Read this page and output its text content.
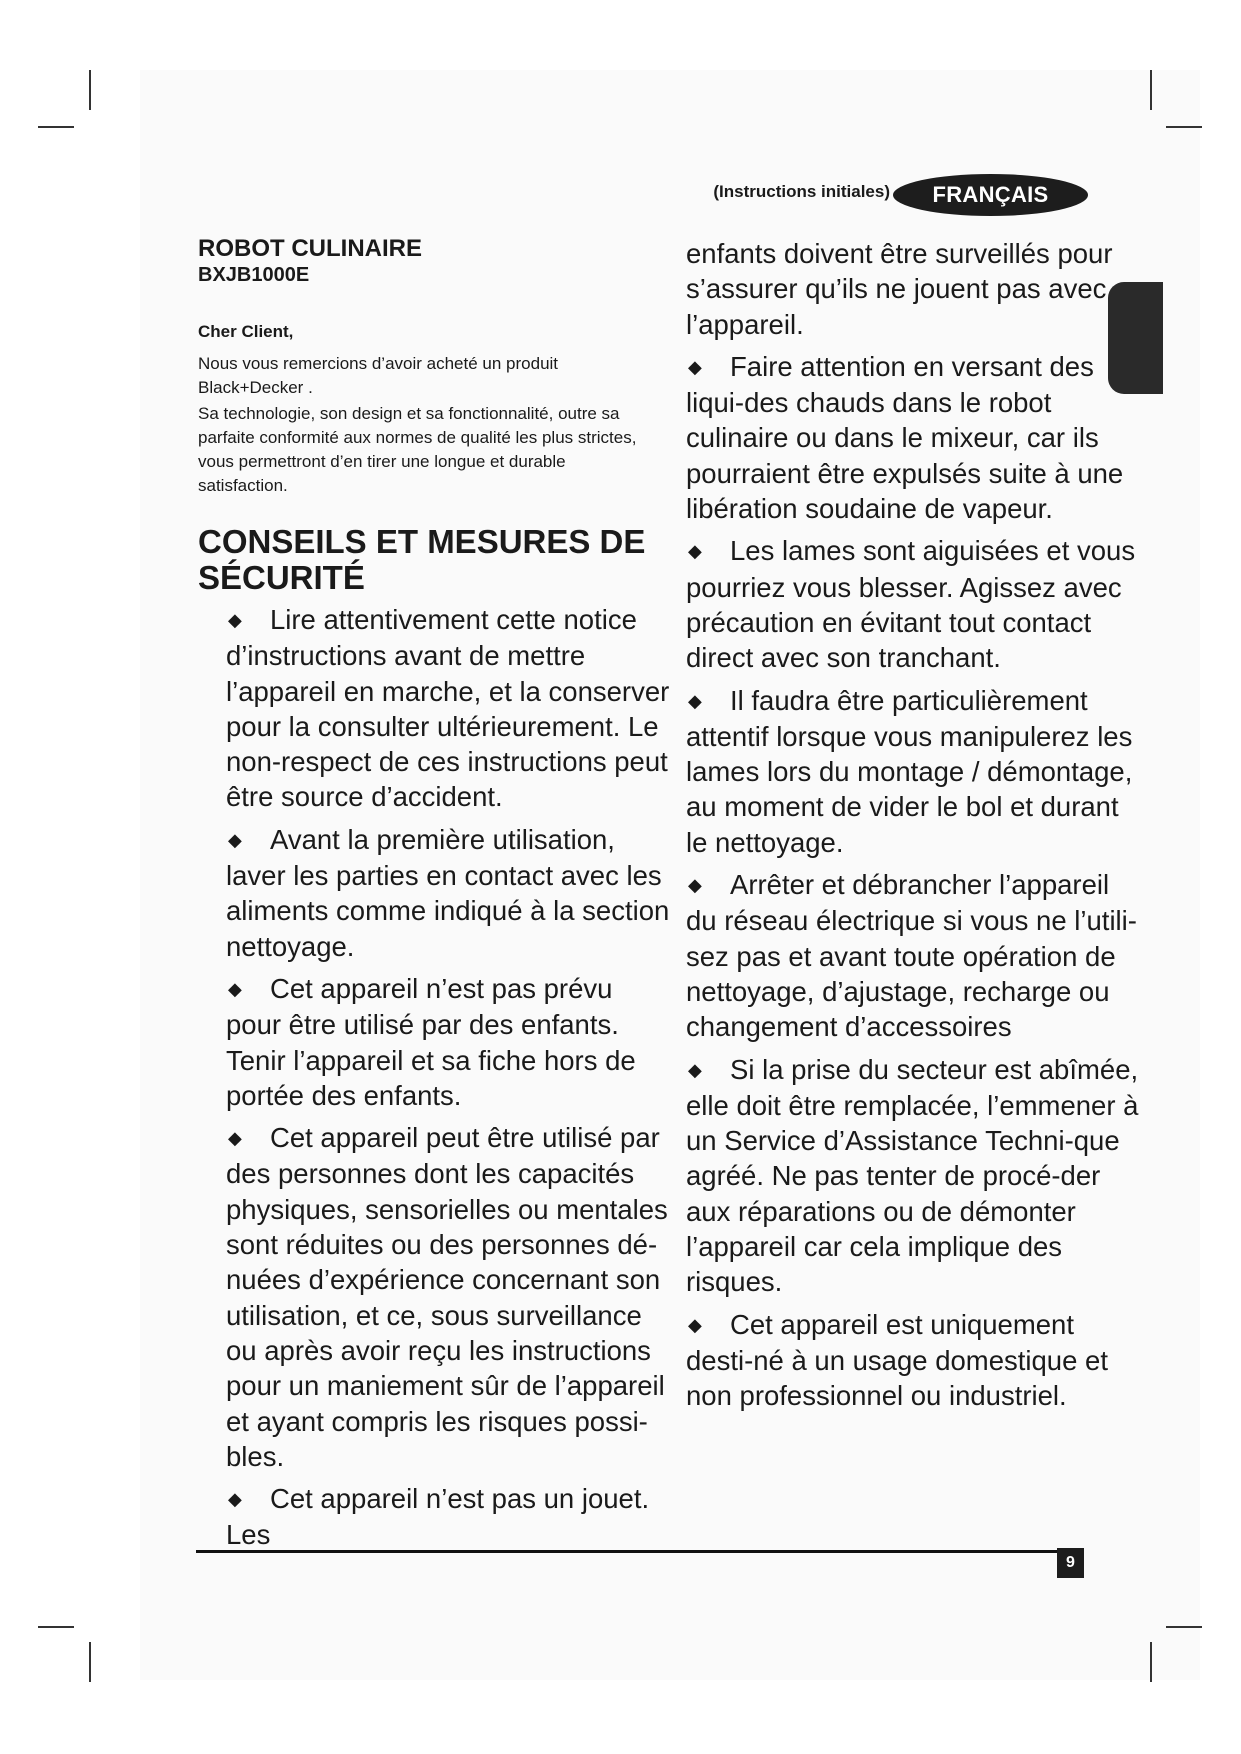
(Instructions initiales)	FRANÇAIS
ROBOT CULINAIRE
BXJB1000E
Cher Client,

Nous vous remercions d’avoir acheté un produit Black+Decker .

Sa technologie, son design et sa fonctionnalité, outre sa parfaite conformité aux normes de qualité les plus strictes, vous permettront d’en tirer une longue et durable satisfaction.

CONSEILS ET MESURES DE SÉCURITÉ

◆ Lire attentivement cette notice d’instructions avant de mettre l’appareil en marche, et la conserver pour la consulter ultérieurement. Le non-respect de ces instructions peut être source d’accident.

◆ Avant la première utilisation, laver les parties en contact avec les aliments comme indiqué à la section nettoyage.

◆ Cet appareil n’est pas prévu pour être utilisé par des enfants. Tenir l’appareil et sa fiche hors de portée des enfants.

◆ Cet appareil peut être utilisé par des personnes dont les capacités physiques, sensorielles ou mentales sont réduites ou des personnes dé-nuées d’expérience concernant son utilisation, et ce, sous surveillance ou après avoir reçu les instructions pour un maniement sûr de l’appareil et ayant compris les risques possi-bles.

◆ Cet appareil n’est pas un jouet. Les

enfants doivent être surveillés pour s’assurer qu’ils ne jouent pas avec l’appareil.

◆ Faire attention en versant des liqui-des chauds dans le robot culinaire ou dans le mixeur, car ils pourraient être expulsés suite à une libération soudaine de vapeur.

◆ Les lames sont aiguisées et vous pourriez vous blesser. Agissez avec précaution en évitant tout contact direct avec son tranchant.

◆ Il faudra être particulièrement attentif lorsque vous manipulerez les lames lors du montage / démontage, au moment de vider le bol et durant le nettoyage.

◆ Arrêter et débrancher l’appareil du réseau électrique si vous ne l’utili-sez pas et avant toute opération de nettoyage, d’ajustage, recharge ou changement d’accessoires

◆ Si la prise du secteur est abîmée, elle doit être remplacée, l’emmener à un Service d’Assistance Techni-que agréé. Ne pas tenter de procé-der aux réparations ou de démonter l’appareil car cela implique des risques.

◆ Cet appareil est uniquement desti-né à un usage domestique et non professionnel ou industriel.

9
